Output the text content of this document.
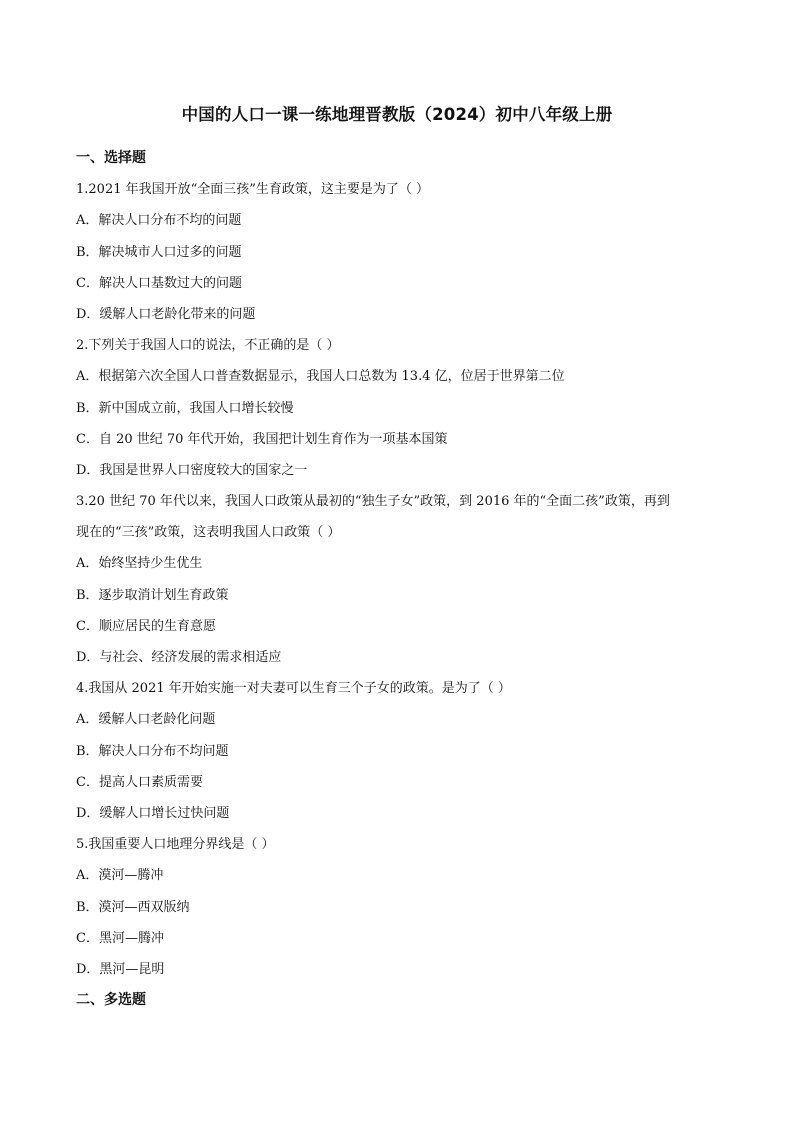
中国的人口一课一练地理晋教版（2024）初中八年级上册
一、选择题
1.2021 年我国开放“全面三孩”生育政策，这主要是为了（ ）
A．解决人口分布不均的问题
B．解决城市人口过多的问题
C．解决人口基数过大的问题
D．缓解人口老龄化带来的问题
2.下列关于我国人口的说法，不正确的是（ ）
A．根据第六次全国人口普查数据显示，我国人口总数为 13.4 亿，位居于世界第二位
B．新中国成立前，我国人口增长较慢
C．自 20 世纪 70 年代开始，我国把计划生育作为一项基本国策
D．我国是世界人口密度较大的国家之一
3.20 世纪 70 年代以来，我国人口政策从最初的“独生子女”政策，到 2016 年的“全面二孩”政策，再到
现在的“三孩”政策，这表明我国人口政策（ ）
A．始终坚持少生优生
B．逐步取消计划生育政策
C．顺应居民的生育意愿
D．与社会、经济发展的需求相适应
4.我国从 2021 年开始实施一对夫妻可以生育三个子女的政策。是为了（ ）
A．缓解人口老龄化问题
B．解决人口分布不均问题
C．提高人口素质需要
D．缓解人口增长过快问题
5.我国重要人口地理分界线是（ ）
A．漠河—腾冲
B．漠河—西双版纳
C．黑河—腾冲
D．黑河—昆明
二、多选题
